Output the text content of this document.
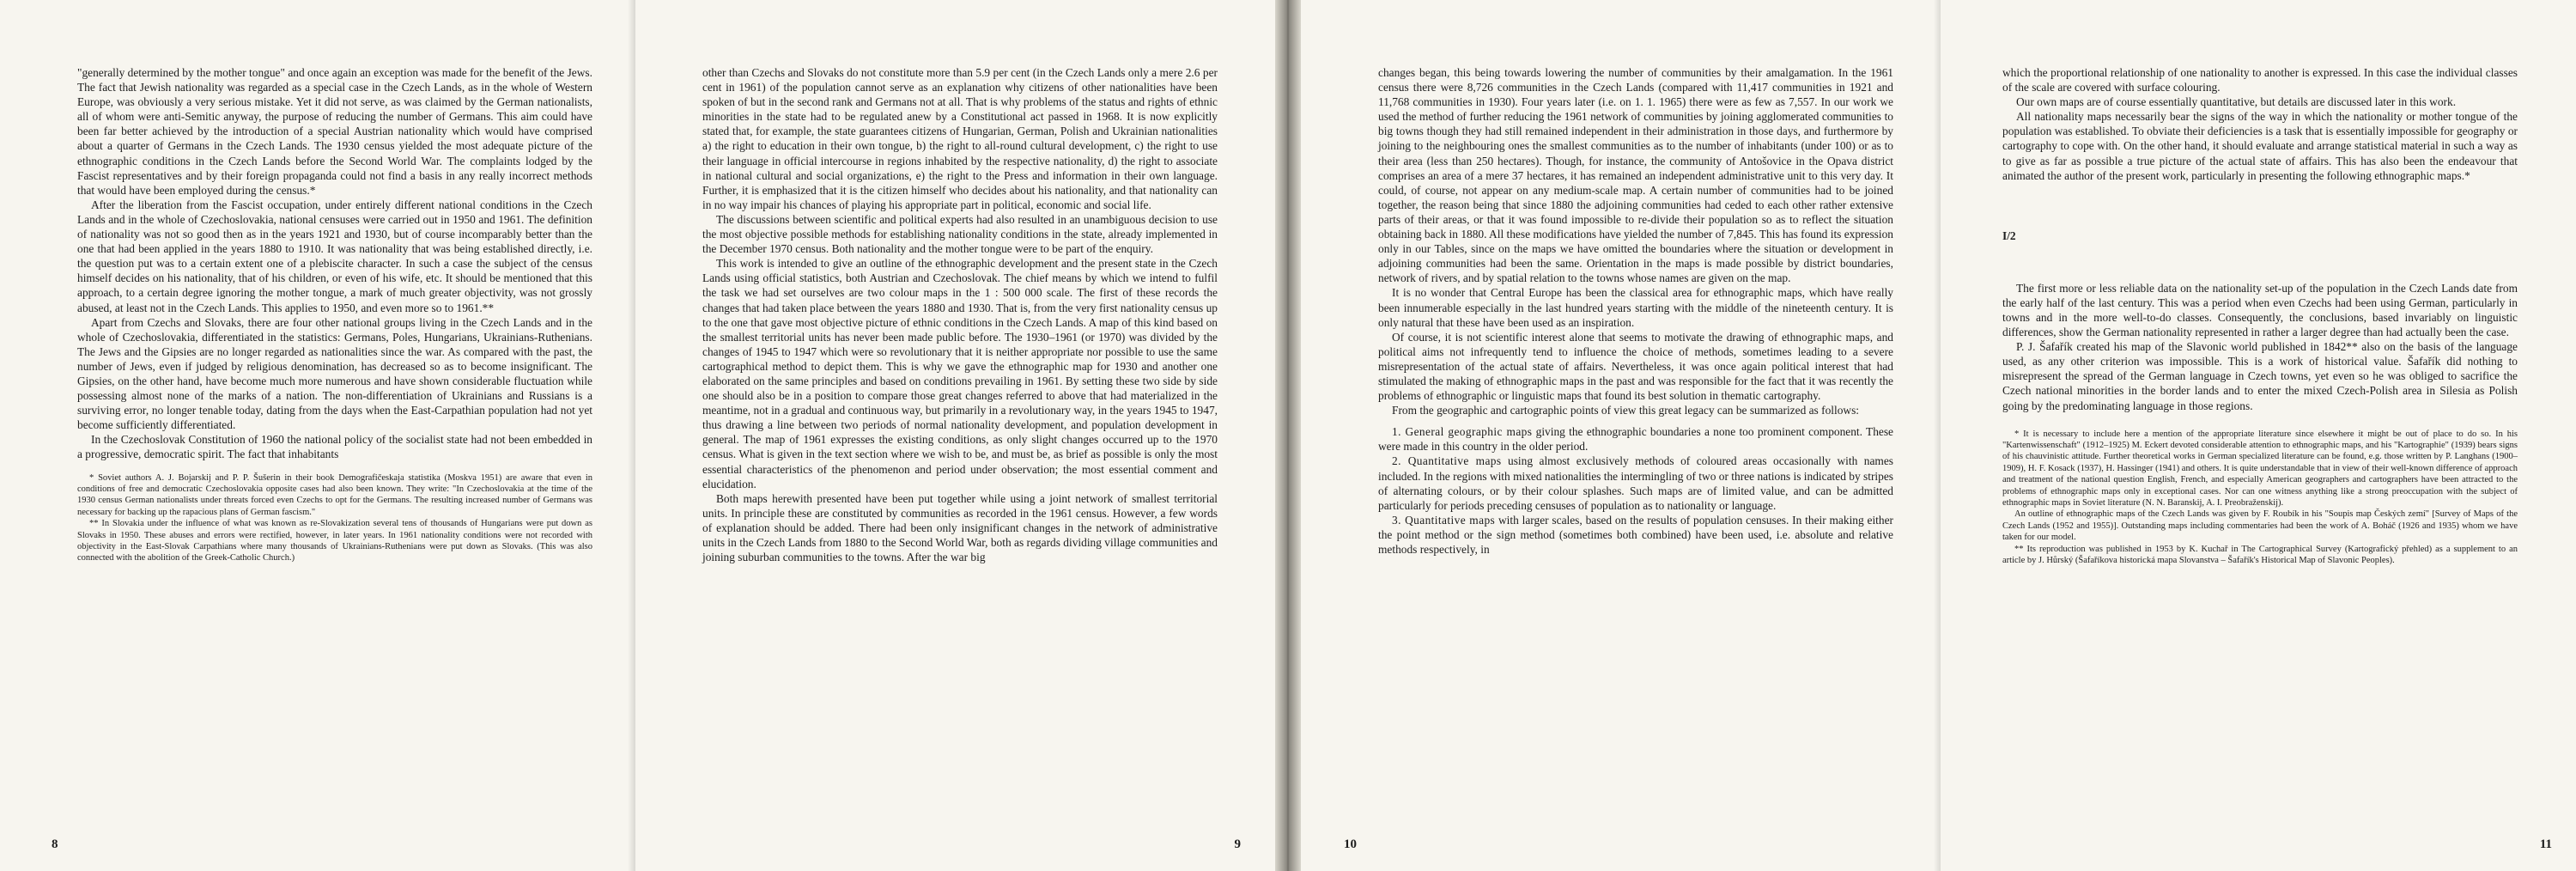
"generally determined by the mother tongue" and once again an exception was made for the benefit of the Jews. The fact that Jewish nationality was regarded as a special case in the Czech Lands, as in the whole of Western Europe, was obviously a very serious mistake. Yet it did not serve, as was claimed by the German nationalists, all of whom were anti-Semitic anyway, the purpose of reducing the number of Germans. This aim could have been far better achieved by the introduction of a special Austrian nationality which would have comprised about a quarter of Germans in the Czech Lands. The 1930 census yielded the most adequate picture of the ethnographic conditions in the Czech Lands before the Second World War. The complaints lodged by the Fascist representatives and by their foreign propaganda could not find a basis in any really incorrect methods that would have been employed during the census.*

After the liberation from the Fascist occupation, under entirely different national conditions in the Czech Lands and in the whole of Czechoslovakia, national censuses were carried out in 1950 and 1961. The definition of nationality was not so good then as in the years 1921 and 1930, but of course incomparably better than the one that had been applied in the years 1880 to 1910. It was nationality that was being established directly, i.e. the question put was to a certain extent one of a plebiscite character. In such a case the subject of the census himself decides on his nationality, that of his children, or even of his wife, etc. It should be mentioned that this approach, to a certain degree ignoring the mother tongue, a mark of much greater objectivity, was not grossly abused, at least not in the Czech Lands. This applies to 1950, and even more so to 1961.**

Apart from Czechs and Slovaks, there are four other national groups living in the Czech Lands and in the whole of Czechoslovakia, differentiated in the statistics: Germans, Poles, Hungarians, Ukrainians-Ruthenians. The Jews and the Gipsies are no longer regarded as nationalities since the war. As compared with the past, the number of Jews, even if judged by religious denomination, has decreased so as to become insignificant. The Gipsies, on the other hand, have become much more numerous and have shown considerable fluctuation while possessing almost none of the marks of a nation. The non-differentiation of Ukrainians and Russians is a surviving error, no longer tenable today, dating from the days when the East-Carpathian population had not yet become sufficiently differentiated.

In the Czechoslovak Constitution of 1960 the national policy of the socialist state had not been embedded in a progressive, democratic spirit. The fact that inhabitants

* Soviet authors A. J. Bojarskij and P. P. Šušerin in their book Demografičeskaja statistika (Moskva 1951) are aware that even in conditions of free and democratic Czechoslovakia opposite cases had also been known. They write: "In Czechoslovakia at the time of the 1930 census German nationalists under threats forced even Czechs to opt for the Germans. The resulting increased number of Germans was necessary for backing up the rapacious plans of German fascism."

** In Slovakia under the influence of what was known as re-Slovakization several tens of thousands of Hungarians were put down as Slovaks in 1950. These abuses and errors were rectified, however, in later years. In 1961 nationality conditions were not recorded with objectivity in the East-Slovak Carpathians where many thousands of Ukrainians-Ruthenians were put down as Slovaks. (This was also connected with the abolition of the Greek-Catholic Church.)

8

other than Czechs and Slovaks do not constitute more than 5.9 per cent (in the Czech Lands only a mere 2.6 per cent in 1961) of the population cannot serve as an explanation why citizens of other nationalities have been spoken of but in the second rank and Germans not at all. That is why problems of the status and rights of ethnic minorities in the state had to be regulated anew by a Constitutional act passed in 1968. It is now explicitly stated that, for example, the state guarantees citizens of Hungarian, German, Polish and Ukrainian nationalities a) the right to education in their own tongue, b) the right to all-round cultural development, c) the right to use their language in official intercourse in regions inhabited by the respective nationality, d) the right to associate in national cultural and social organizations, e) the right to the Press and information in their own language. Further, it is emphasized that it is the citizen himself who decides about his nationality, and that nationality can in no way impair his chances of playing his appropriate part in political, economic and social life.

The discussions between scientific and political experts had also resulted in an unambiguous decision to use the most objective possible methods for establishing nationality conditions in the state, already implemented in the December 1970 census. Both nationality and the mother tongue were to be part of the enquiry.

This work is intended to give an outline of the ethnographic development and the present state in the Czech Lands using official statistics, both Austrian and Czechoslovak. The chief means by which we intend to fulfil the task we had set ourselves are two colour maps in the 1 : 500 000 scale. The first of these records the changes that had taken place between the years 1880 and 1930. That is, from the very first nationality census up to the one that gave most objective picture of ethnic conditions in the Czech Lands. A map of this kind based on the smallest territorial units has never been made public before. The 1930–1961 (or 1970) was divided by the changes of 1945 to 1947 which were so revolutionary that it is neither appropriate nor possible to use the same cartographical method to depict them. This is why we gave the ethnographic map for 1930 and another one elaborated on the same principles and based on conditions prevailing in 1961. By setting these two side by side one should also be in a position to compare those great changes referred to above that had materialized in the meantime, not in a gradual and continuous way, but primarily in a revolutionary way, in the years 1945 to 1947, thus drawing a line between two periods of normal nationality development, and population development in general. The map of 1961 expresses the existing conditions, as only slight changes occurred up to the 1970 census. What is given in the text section where we wish to be, and must be, as brief as possible is only the most essential characteristics of the phenomenon and period under observation; the most essential comment and elucidation.

Both maps herewith presented have been put together while using a joint network of smallest territorial units. In principle these are constituted by communities as recorded in the 1961 census. However, a few words of explanation should be added. There had been only insignificant changes in the network of administrative units in the Czech Lands from 1880 to the Second World War, both as regards dividing village communities and joining suburban communities to the towns. After the war big

9

changes began, this being towards lowering the number of communities by their amalgamation. In the 1961 census there were 8,726 communities in the Czech Lands (compared with 11,417 communities in 1921 and 11,768 communities in 1930). Four years later (i.e. on 1. 1. 1965) there were as few as 7,557. In our work we used the method of further reducing the 1961 network of communities by joining agglomerated communities to big towns though they had still remained independent in their administration in those days, and furthermore by joining to the neighbouring ones the smallest communities as to the number of inhabitants (under 100) or as to their area (less than 250 hectares). Though, for instance, the community of Antošovice in the Opava district comprises an area of a mere 37 hectares, it has remained an independent administrative unit to this very day. It could, of course, not appear on any medium-scale map. A certain number of communities had to be joined together, the reason being that since 1880 the adjoining communities had ceded to each other rather extensive parts of their areas, or that it was found impossible to re-divide their population so as to reflect the situation obtaining back in 1880. All these modifications have yielded the number of 7,845. This has found its expression only in our Tables, since on the maps we have omitted the boundaries where the situation or development in adjoining communities had been the same. Orientation in the maps is made possible by district boundaries, network of rivers, and by spatial relation to the towns whose names are given on the map.

It is no wonder that Central Europe has been the classical area for ethnographic maps, which have really been innumerable especially in the last hundred years starting with the middle of the nineteenth century. It is only natural that these have been used as an inspiration.

Of course, it is not scientific interest alone that seems to motivate the drawing of ethnographic maps, and political aims not infrequently tend to influence the choice of methods, sometimes leading to a severe misrepresentation of the actual state of affairs. Nevertheless, it was once again political interest that had stimulated the making of ethnographic maps in the past and was responsible for the fact that it was recently the problems of ethnographic or linguistic maps that found its best solution in thematic cartography.

From the geographic and cartographic points of view this great legacy can be summarized as follows:

1. General geographic maps giving the ethnographic boundaries a none too prominent component. These were made in this country in the older period.

2. Quantitative maps using almost exclusively methods of coloured areas occasionally with names included. In the regions with mixed nationalities the intermingling of two or three nations is indicated by stripes of alternating colours, or by their colour splashes. Such maps are of limited value, and can be admitted particularly for periods preceding censuses of population as to nationality or language.

3. Quantitative maps with larger scales, based on the results of population censuses. In their making either the point method or the sign method (sometimes both combined) have been used, i.e. absolute and relative methods respectively, in

10

which the proportional relationship of one nationality to another is expressed. In this case the individual classes of the scale are covered with surface colouring.

Our own maps are of course essentially quantitative, but details are discussed later in this work.

All nationality maps necessarily bear the signs of the way in which the nationality or mother tongue of the population was established. To obviate their deficiencies is a task that is essentially impossible for geography or cartography to cope with. On the other hand, it should evaluate and arrange statistical material in such a way as to give as far as possible a true picture of the actual state of affairs. This has also been the endeavour that animated the author of the present work, particularly in presenting the following ethnographic maps.*

I/2

The first more or less reliable data on the nationality set-up of the population in the Czech Lands date from the early half of the last century. This was a period when even Czechs had been using German, particularly in towns and in the more well-to-do classes. Consequently, the conclusions, based invariably on linguistic differences, show the German nationality represented in rather a larger degree than had actually been the case.

P. J. Šafařík created his map of the Slavonic world published in 1842** also on the basis of the language used, as any other criterion was impossible. This is a work of historical value. Šafařík did nothing to misrepresent the spread of the German language in Czech towns, yet even so he was obliged to sacrifice the Czech national minorities in the border lands and to enter the mixed Czech-Polish area in Silesia as Polish going by the predominating language in those regions.

* It is necessary to include here a mention of the appropriate literature since elsewhere it might be out of place to do so. In his "Kartenwissenschaft" (1912–1925) M. Eckert devoted considerable attention to ethnographic maps, and his "Kartographie" (1939) bears signs of his chauvinistic attitude. Further theoretical works in German specialized literature can be found, e.g. those written by P. Langhans (1900–1909), H. F. Kosack (1937), H. Hassinger (1941) and others. It is quite understandable that in view of their well-known difference of approach and treatment of the national question English, French, and especially American geographers and cartographers have been attracted to the problems of ethnographic maps only in exceptional cases. Nor can one witness anything like a strong preoccupation with the subject of ethnographic maps in Soviet literature (N. N. Baranskij, A. I. Preobraženskij).

An outline of ethnographic maps of the Czech Lands was given by F. Roubík in his "Soupis map Českých zemí" [Survey of Maps of the Czech Lands (1952 and 1955)]. Outstanding maps including commentaries had been the work of A. Boháč (1926 and 1935) whom we have taken for our model.

** Its reproduction was published in 1953 by K. Kuchař in The Cartographical Survey (Kartografický přehled) as a supplement to an article by J. Hůrský (Šafaříkova historická mapa Slovanstva – Šafařík's Historical Map of Slavonic Peoples).

11
